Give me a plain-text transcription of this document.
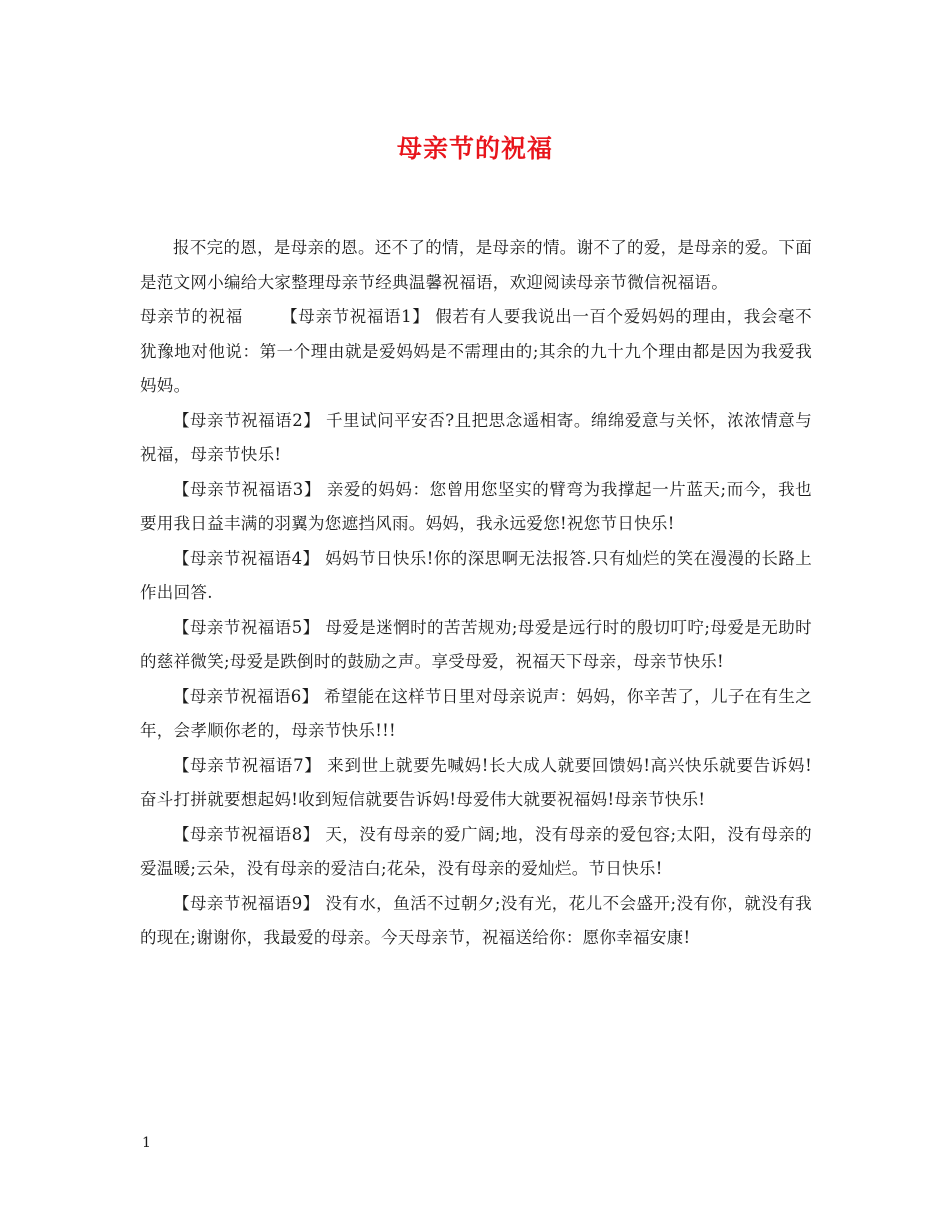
母亲节的祝福

报不完的恩，是母亲的恩。还不了的情，是母亲的情。谢不了的爱，是母亲的爱。下面是范文网小编给大家整理母亲节经典温馨祝福语，欢迎阅读母亲节微信祝福语。

母亲节的祝福 【母亲节祝福语1】 假若有人要我说出一百个爱妈妈的理由，我会毫不犹豫地对他说：第一个理由就是爱妈妈是不需理由的;其余的九十九个理由都是因为我爱我妈妈。

【母亲节祝福语2】 千里试问平安否?且把思念遥相寄。绵绵爱意与关怀，浓浓情意与祝福，母亲节快乐!

【母亲节祝福语3】 亲爱的妈妈：您曾用您坚实的臂弯为我撑起一片蓝天;而今，我也要用我日益丰满的羽翼为您遮挡风雨。妈妈，我永远爱您!祝您节日快乐!

【母亲节祝福语4】 妈妈节日快乐!你的深思啊无法报答.只有灿烂的笑在漫漫的长路上作出回答.

【母亲节祝福语5】 母爱是迷惘时的苦苦规劝;母爱是远行时的殷切叮咛;母爱是无助时的慈祥微笑;母爱是跌倒时的鼓励之声。享受母爱，祝福天下母亲，母亲节快乐!

【母亲节祝福语6】 希望能在这样节日里对母亲说声：妈妈，你辛苦了，儿子在有生之年，会孝顺你老的，母亲节快乐!!!

【母亲节祝福语7】 来到世上就要先喊妈!长大成人就要回馈妈!高兴快乐就要告诉妈!奋斗打拼就要想起妈!收到短信就要告诉妈!母爱伟大就要祝福妈!母亲节快乐!

【母亲节祝福语8】 天，没有母亲的爱广阔;地，没有母亲的爱包容;太阳，没有母亲的爱温暖;云朵，没有母亲的爱洁白;花朵，没有母亲的爱灿烂。节日快乐!

【母亲节祝福语9】 没有水，鱼活不过朝夕;没有光，花儿不会盛开;没有你，就没有我的现在;谢谢你，我最爱的母亲。今天母亲节，祝福送给你：愿你幸福安康!

1
